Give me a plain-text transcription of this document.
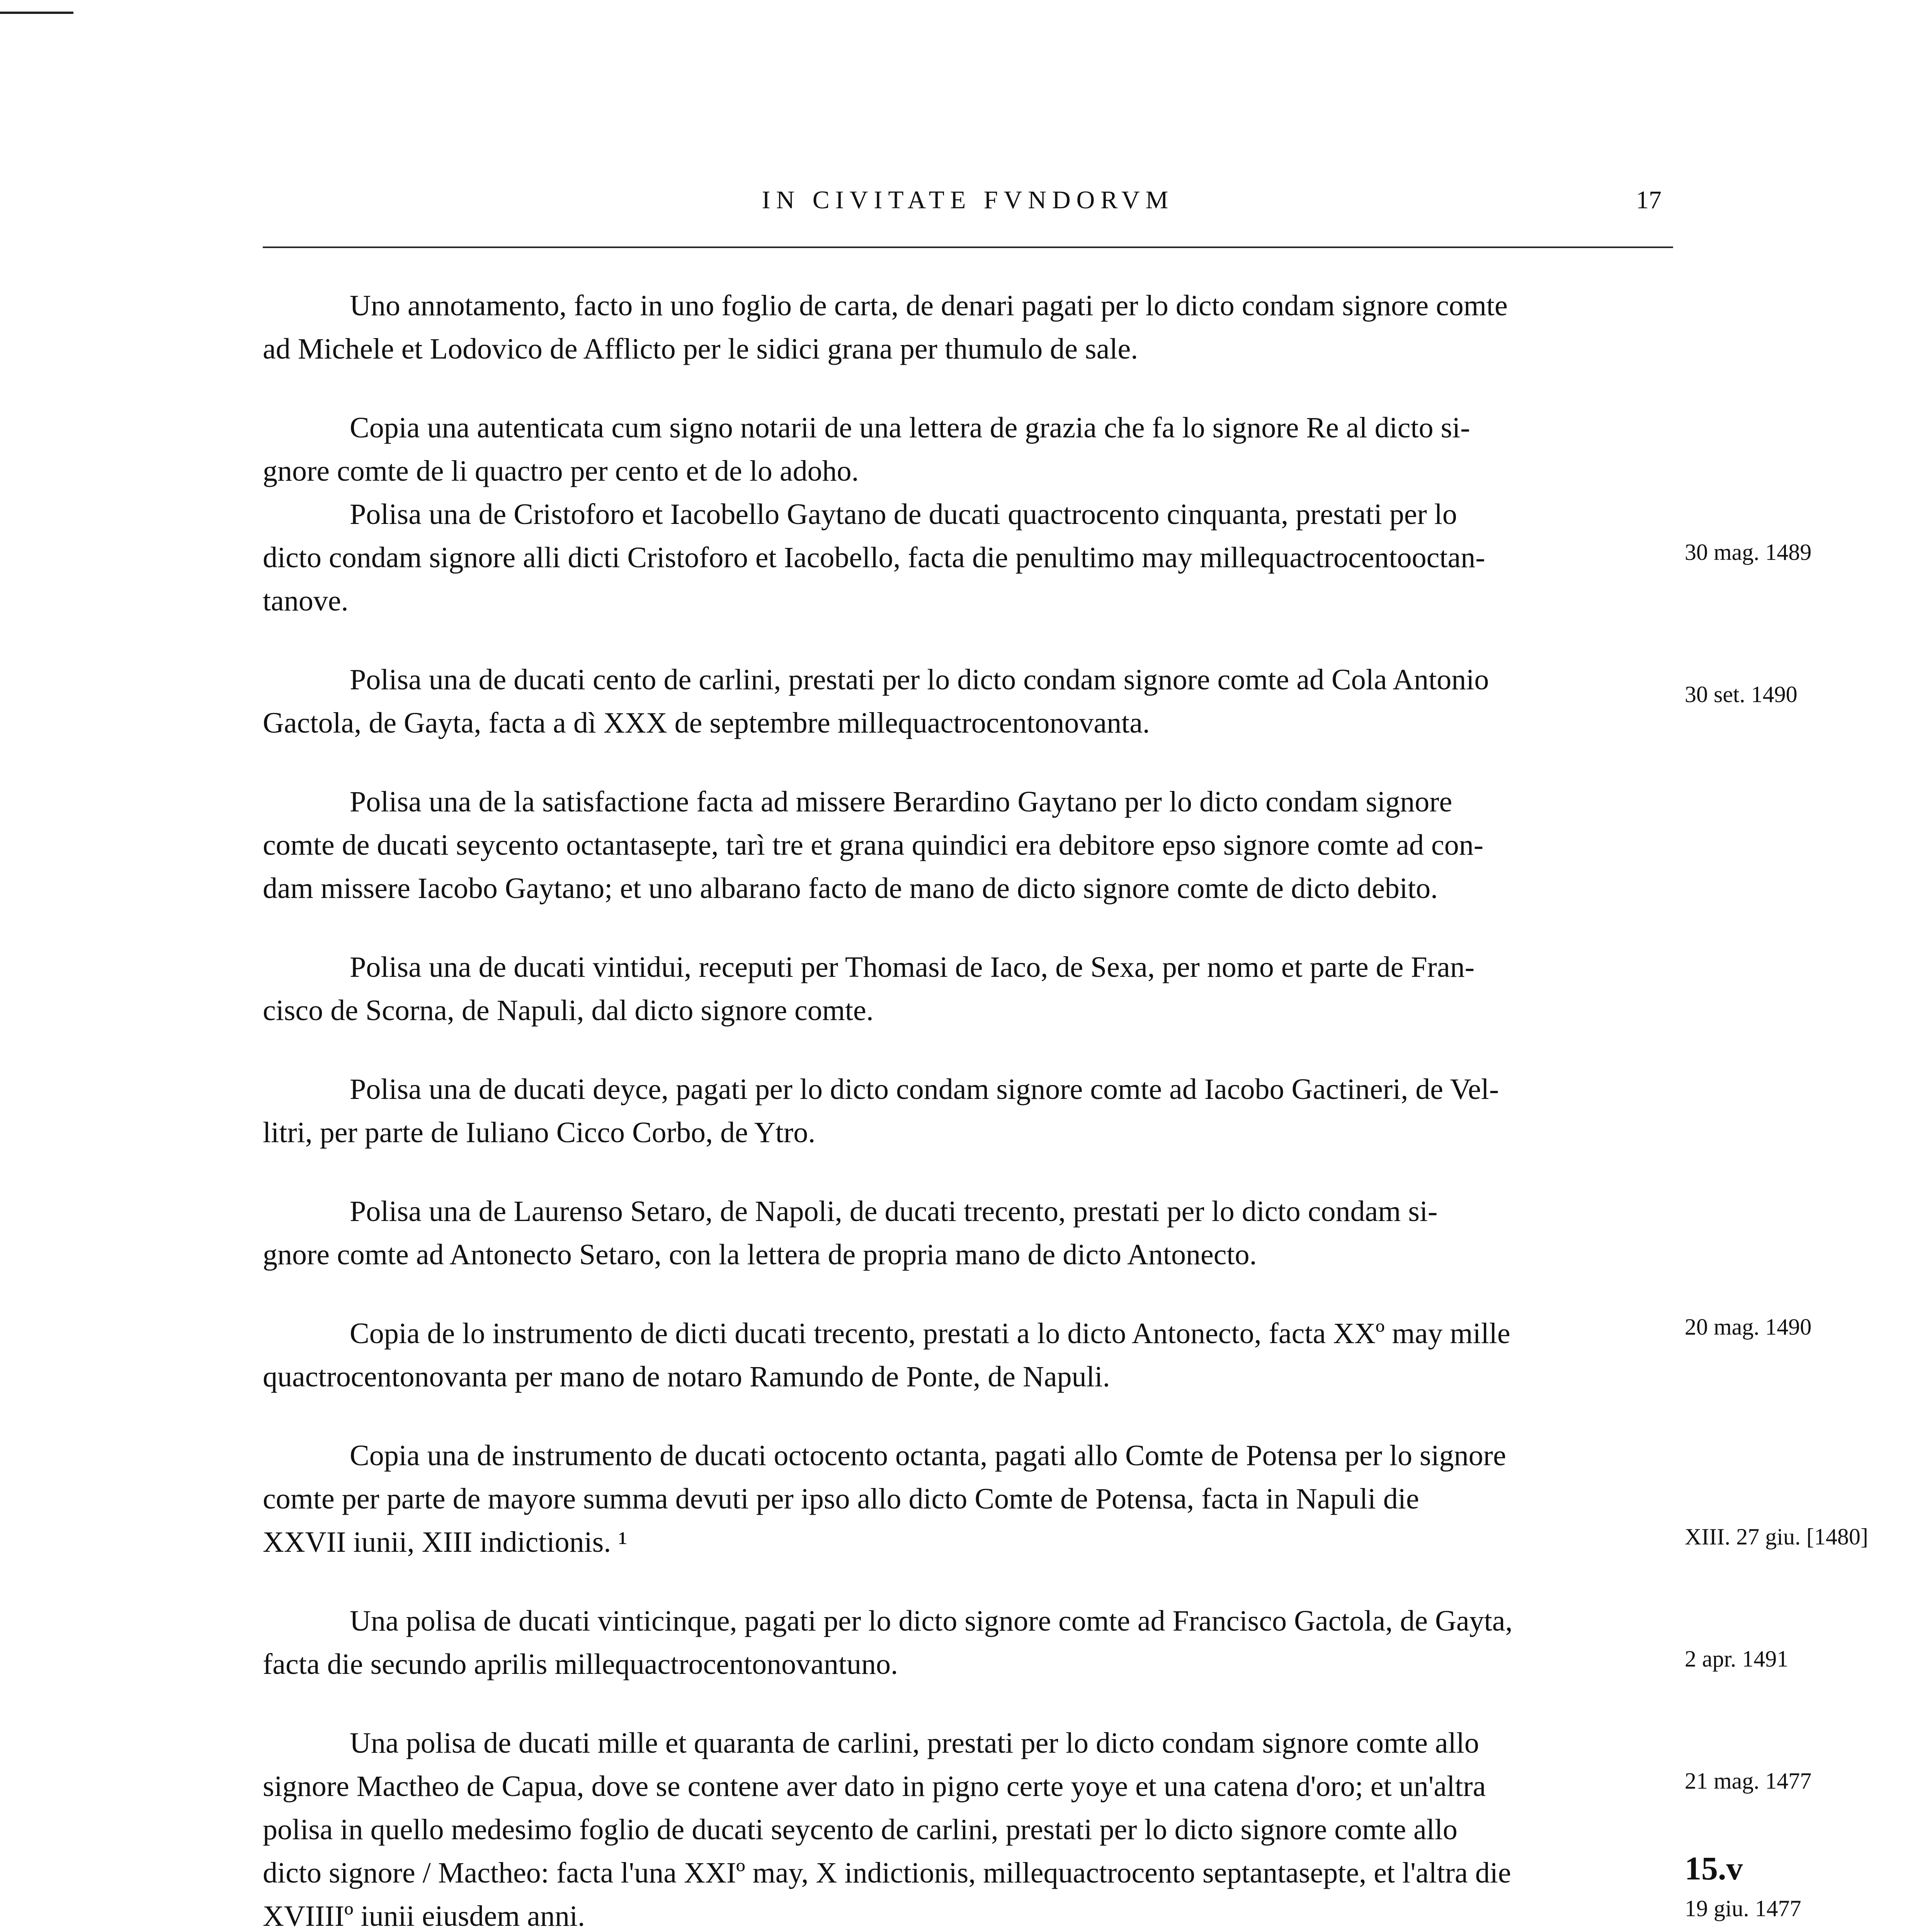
IN CIVITATE FVNDORVM	17

Uno annotamento, facto in uno foglio de carta, de denari pagati per lo dicto condam signore comte
ad Michele et Lodovico de Afflicto per le sidici grana per thumulo de sale.

Copia una autenticata cum signo notarii de una lettera de grazia che fa lo signore Re al dicto si-
gnore comte de li quactro per cento et de lo adoho.

Polisa una de Cristoforo et Iacobello Gaytano de ducati quactrocento cinquanta, prestati per lo
dicto condam signore alli dicti Cristoforo et Iacobello, facta die penultimo may millequactrocentooctan-
tanove.

30 mag. 1489

Polisa una de ducati cento de carlini, prestati per lo dicto condam signore comte ad Cola Antonio
Gactola, de Gayta, facta a dì XXX de septembre millequactrocentonovanta.

30 set. 1490

Polisa una de la satisfactione facta ad missere Berardino Gaytano per lo dicto condam signore
comte de ducati seycento octantasepte, tarì tre et grana quindici era debitore epso signore comte ad con-
dam missere Iacobo Gaytano; et uno albarano facto de mano de dicto signore comte de dicto debito.

Polisa una de ducati vintidui, receputi per Thomasi de Iaco, de Sexa, per nomo et parte de Fran-
cisco de Scorna, de Napuli, dal dicto signore comte.

Polisa una de ducati deyce, pagati per lo dicto condam signore comte ad Iacobo Gactineri, de Vel-
litri, per parte de Iuliano Cicco Corbo, de Ytro.

Polisa una de Laurenso Setaro, de Napoli, de ducati trecento, prestati per lo dicto condam si-
gnore comte ad Antonecto Setaro, con la lettera de propria mano de dicto Antonecto.

Copia de lo instrumento de dicti ducati trecento, prestati a lo dicto Antonecto, facta XXº may mille
quactrocentonovanta per mano de notaro Ramundo de Ponte, de Napuli.

20 mag. 1490

Copia una de instrumento de ducati octocento octanta, pagati allo Comte de Potensa per lo signore
comte per parte de mayore summa devuti per ipso allo dicto Comte de Potensa, facta in Napuli die
XXVII iunii, XIII indictionis. ¹	XIII. 27 giu. [1480]

Una polisa de ducati vinticinque, pagati per lo dicto signore comte ad Francisco Gactola, de Gayta,
facta die secundo aprilis millequactrocentonovantuno.	2 apr. 1491

Una polisa de ducati mille et quaranta de carlini, prestati per lo dicto condam signore comte allo
signore Mactheo de Capua, dove se contene aver dato in pigno certe yoye et una catena d'oro; et un'altra
polisa in quello medesimo foglio de ducati seycento de carlini, prestati per lo dicto signore comte allo
dicto signore / Mactheo: facta l'una XXIº may, X indictionis, millequactrocento septantasepte, et l'altra die
XVIIIIº iunii eiusdem anni.

21 mag. 1477
15.v
19 giu. 1477
